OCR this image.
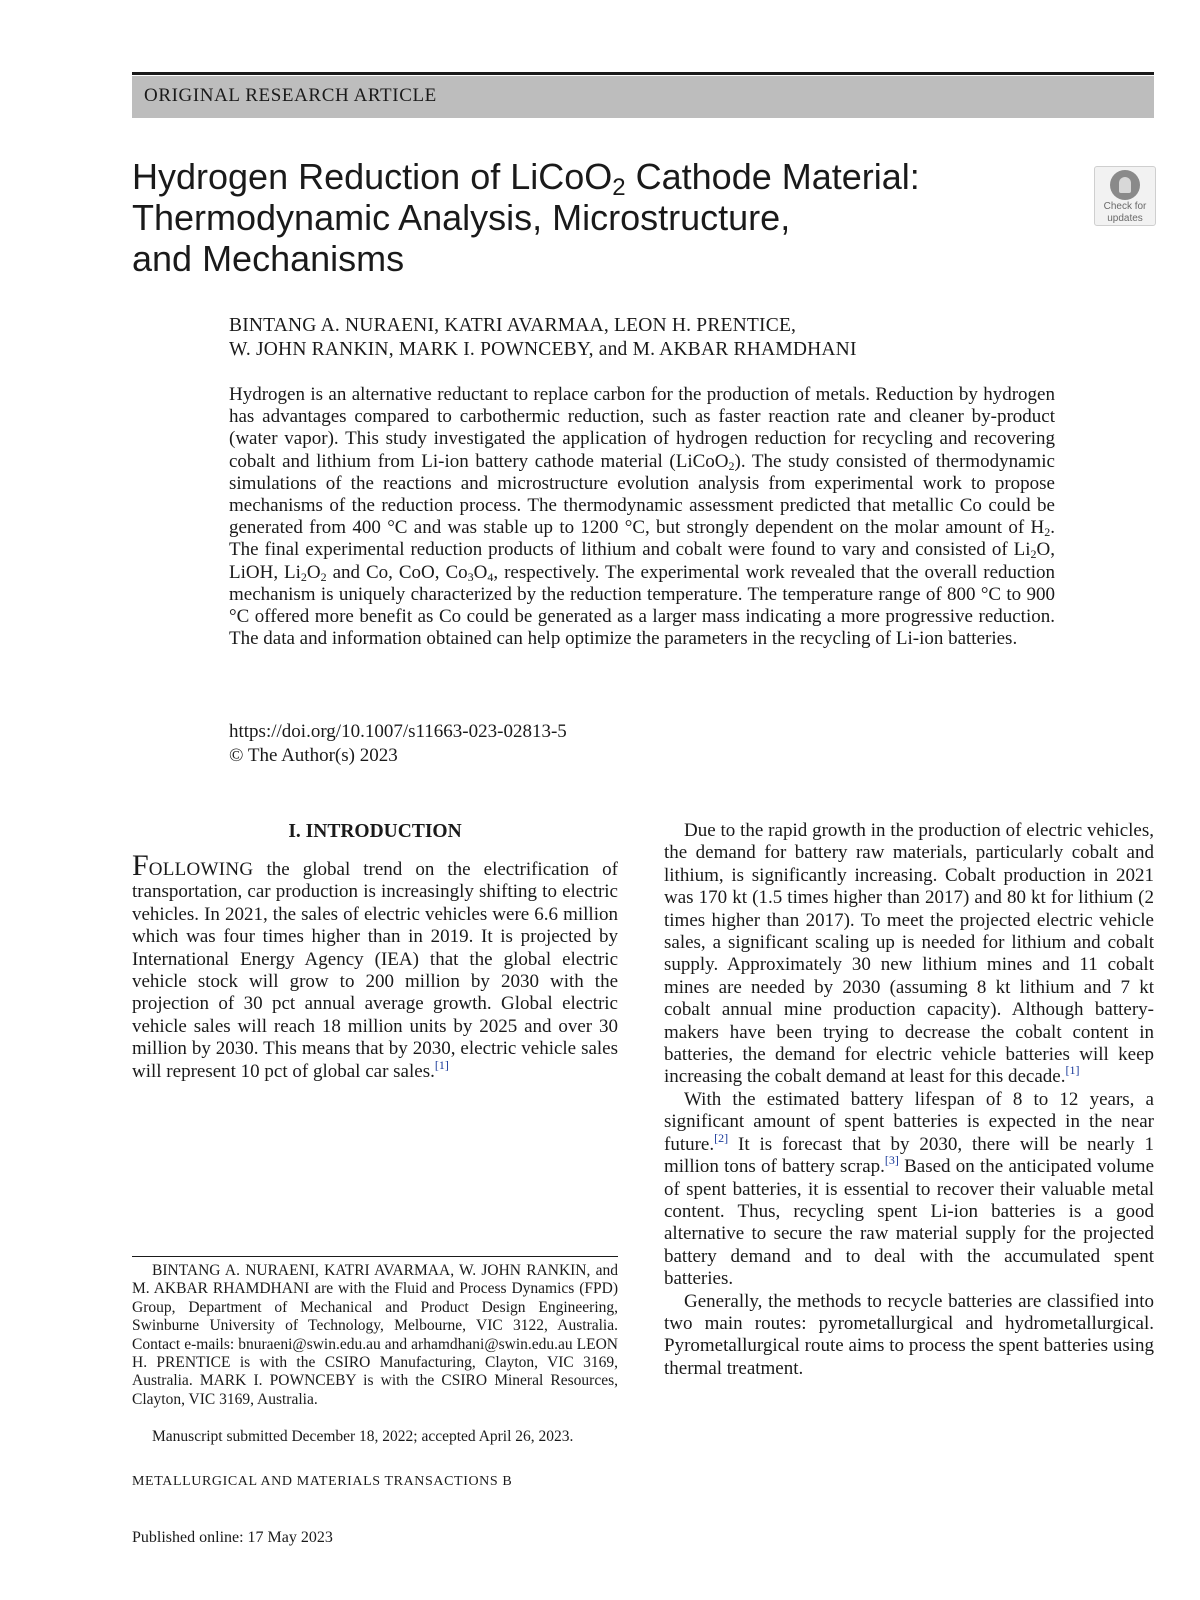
ORIGINAL RESEARCH ARTICLE
Hydrogen Reduction of LiCoO$_2$ Cathode Material:
Thermodynamic Analysis, Microstructure,
and Mechanisms
Check for
updates
BINTANG A. NURAENI, KATRI AVARMAA, LEON H. PRENTICE,
W. JOHN RANKIN, MARK I. POWNCEBY, and M. AKBAR RHAMDHANI
Hydrogen is an alternative reductant to replace carbon for the production of metals. Reduction by hydrogen has advantages compared to carbothermic reduction, such as faster reaction rate and cleaner by-product (water vapor). This study investigated the application of hydrogen reduction for recycling and recovering cobalt and lithium from Li-ion battery cathode material (LiCoO$_2$). The study consisted of thermodynamic simulations of the reactions and microstructure evolution analysis from experimental work to propose mechanisms of the reduction process. The thermodynamic assessment predicted that metallic Co could be generated from 400 °C and was stable up to 1200 °C, but strongly dependent on the molar amount of $H_2$. The final experimental reduction products of lithium and cobalt were found to vary and consisted of $Li_2O$, LiOH, $Li_2O_2$ and Co, CoO, $Co_3O_4$, respectively. The experimental work revealed that the overall reduction mechanism is uniquely characterized by the reduction temperature. The temperature range of 800 °C to 900 °C offered more benefit as Co could be generated as a larger mass indicating a more progressive reduction. The data and information obtained can help optimize the parameters in the recycling of Li-ion batteries.
https://doi.org/10.1007/s11663-023-02813-5
© The Author(s) 2023
I. INTRODUCTION

FOLLOWING the global trend on the electrification of transportation, car production is increasingly shifting to electric vehicles. In 2021, the sales of electric vehicles were 6.6 million which was four times higher than in 2019. It is projected by International Energy Agency (IEA) that the global electric vehicle stock will grow to 200 million by 2030 with the projection of 30 pct annual average growth. Global electric vehicle sales will reach 18 million units by 2025 and over 30 million by 2030. This means that by 2030, electric vehicle sales will represent 10 pct of global car sales.[1]

Due to the rapid growth in the production of electric vehicles, the demand for battery raw materials, particularly cobalt and lithium, is significantly increasing. Cobalt production in 2021 was 170 kt (1.5 times higher than 2017) and 80 kt for lithium (2 times higher than 2017). To meet the projected electric vehicle sales, a significant scaling up is needed for lithium and cobalt supply. Approximately 30 new lithium mines and 11 cobalt mines are needed by 2030 (assuming 8 kt lithium and 7 kt cobalt annual mine production capacity). Although battery-makers have been trying to decrease the cobalt content in batteries, the demand for electric vehicle batteries will keep increasing the cobalt demand at least for this decade.[1]

With the estimated battery lifespan of 8 to 12 years, a significant amount of spent batteries is expected in the near future.[2] It is forecast that by 2030, there will be nearly 1 million tons of battery scrap.[3] Based on the anticipated volume of spent batteries, it is essential to recover their valuable metal content. Thus, recycling spent Li-ion batteries is a good alternative to secure the raw material supply for the projected battery demand and to deal with the accumulated spent batteries.

Generally, the methods to recycle batteries are classified into two main routes: pyrometallurgical and hydrometallurgical. Pyrometallurgical route aims to process the spent batteries using thermal treatment.

BINTANG A. NURAENI, KATRI AVARMAA, W. JOHN RANKIN, and M. AKBAR RHAMDHANI are with the Fluid and Process Dynamics (FPD) Group, Department of Mechanical and Product Design Engineering, Swinburne University of Technology, Melbourne, VIC 3122, Australia. Contact e-mails: bnuraeni@swin.edu.au and arhamdhani@swin.edu.au LEON H. PRENTICE is with the CSIRO Manufacturing, Clayton, VIC 3169, Australia. MARK I. POWNCEBY is with the CSIRO Mineral Resources, Clayton, VIC 3169, Australia.
Manuscript submitted December 18, 2022; accepted April 26, 2023.
METALLURGICAL AND MATERIALS TRANSACTIONS B
Published online: 17 May 2023
